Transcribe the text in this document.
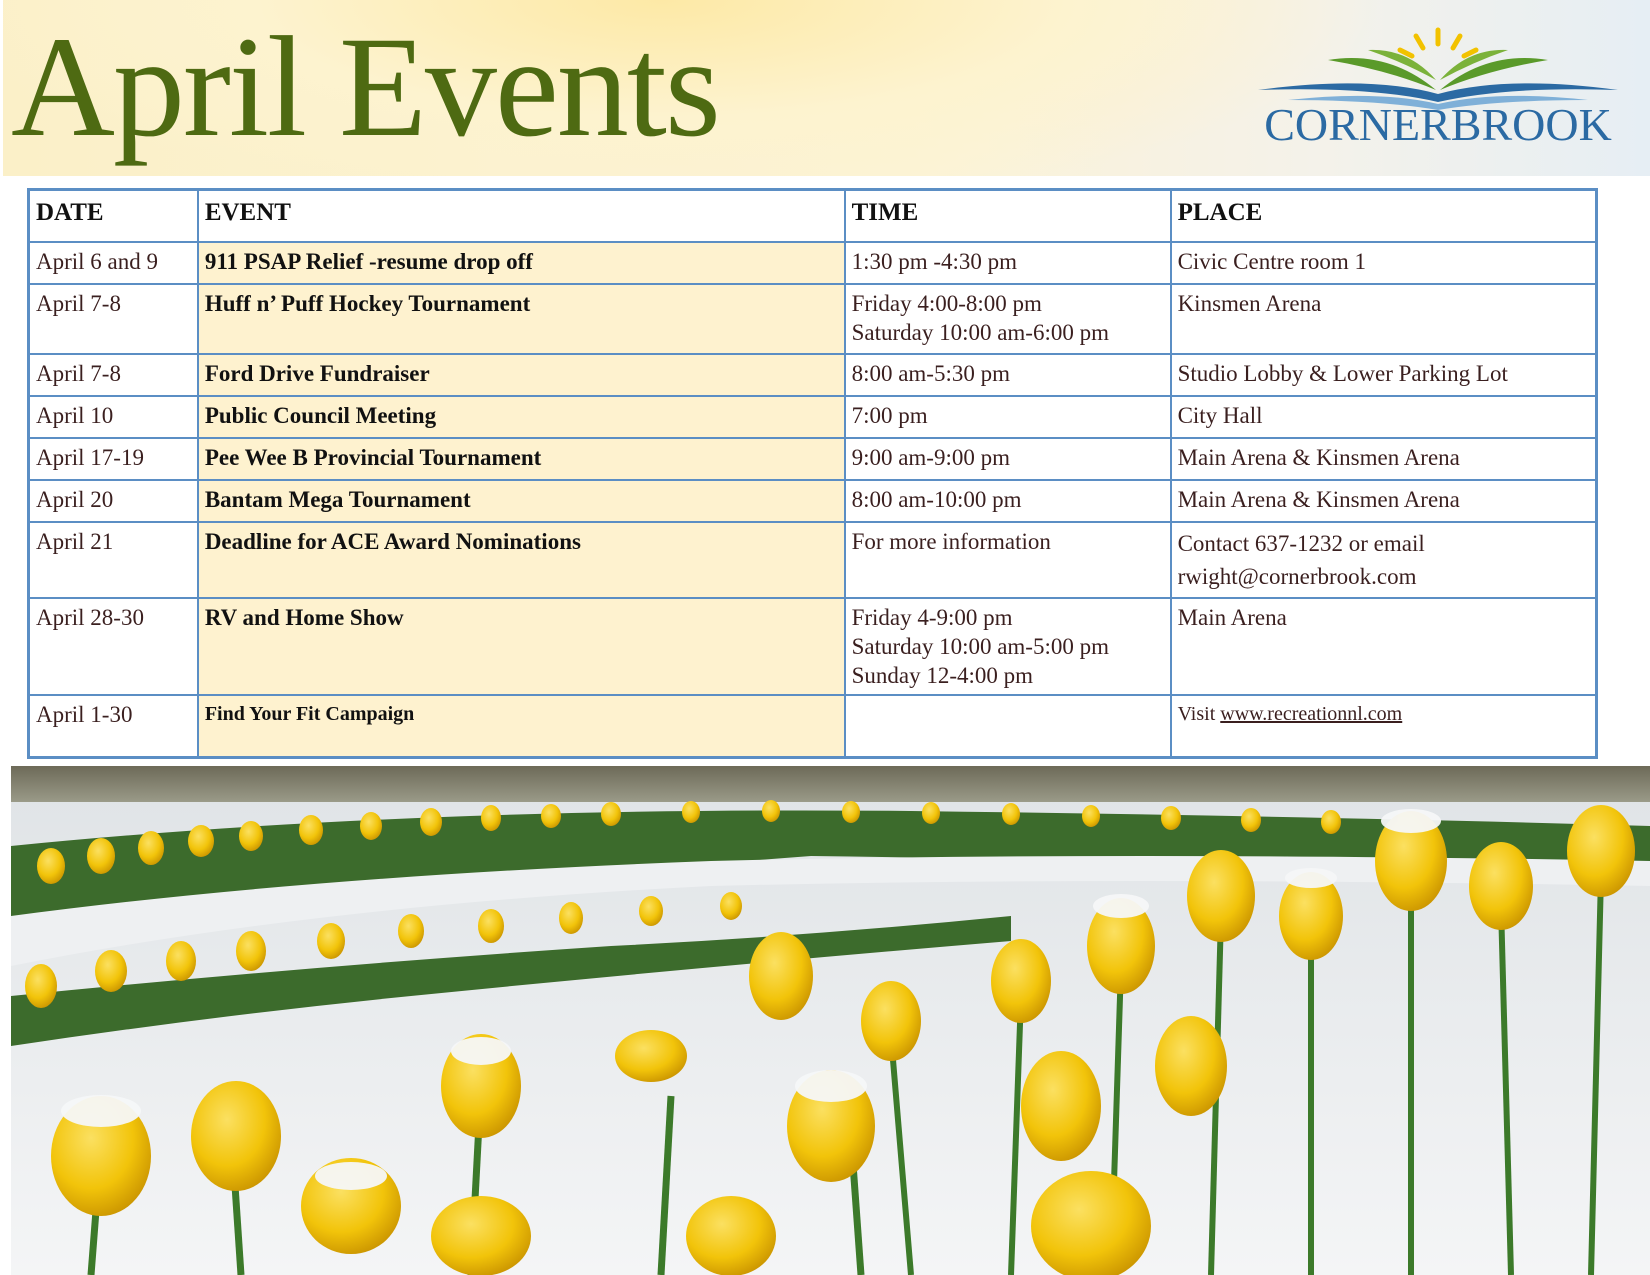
April Events	CORNERBROOK
DATE	EVENT	TIME	PLACE
April 6 and 9	911 PSAP Relief -resume drop off	1:30 pm -4:30 pm	Civic Centre room 1

April 7-8	Huff n’ Puff Hockey Tournament	Friday 4:00-8:00 pm
Saturday 10:00 am-6:00 pm	Kinsmen Arena

April 7-8	Ford Drive Fundraiser	8:00 am-5:30 pm	Studio Lobby & Lower Parking Lot

April 10	Public Council Meeting	7:00 pm	City Hall

April 17-19	Pee Wee B Provincial Tournament	9:00 am-9:00 pm	Main Arena & Kinsmen Arena

April 20	Bantam Mega Tournament	8:00 am-10:00 pm	Main Arena & Kinsmen Arena

April 21	Deadline for ACE Award Nominations	For more information	Contact 637-1232 or email
rwight@cornerbrook.com

April 28-30	RV and Home Show	Friday 4-9:00 pm
Saturday 10:00 am-5:00 pm
Sunday 12-4:00 pm	Main Arena

April 1-30	Find Your Fit Campaign		Visit www.recreationnl.com
